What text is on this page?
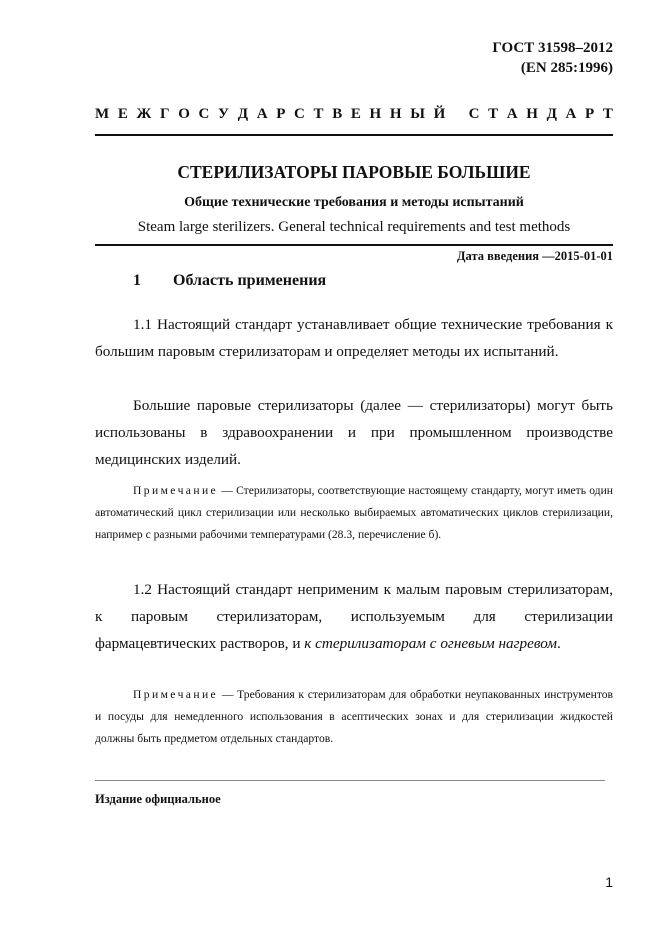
ГОСТ 31598–2012
(EN 285:1996)
М Е Ж Г О С У Д А Р С Т В Е Н Н Ы Й С Т А Н Д А Р Т
СТЕРИЛИЗАТОРЫ ПАРОВЫЕ БОЛЬШИЕ
Общие технические требования и методы испытаний
Steam large sterilizers. General technical requirements and test methods
Дата введения —2015-01-01
1 Область применения

1.1 Настоящий стандарт устанавливает общие технические требования к большим паровым стерилизаторам и определяет методы их испытаний.

Большие паровые стерилизаторы (далее — стерилизаторы) могут быть использованы в здравоохранении и при промышленном производстве медицинских изделий.

Примечание — Стерилизаторы, соответствующие настоящему стандарту, могут иметь один автоматический цикл стерилизации или несколько выбираемых автоматических циклов стерилизации, например с разными рабочими температурами (28.3, перечисление б).

1.2 Настоящий стандарт неприменим к малым паровым стерилизаторам, к паровым стерилизаторам, используемым для стерилизации фармацевтических растворов, и к стерилизаторам с огневым нагревом.

Примечание — Требования к стерилизаторам для обработки неупакованных инструментов и посуды для немедленного использования в асептических зонах и для стерилизации жидкостей должны быть предметом отдельных стандартов.
Издание официальное
1
